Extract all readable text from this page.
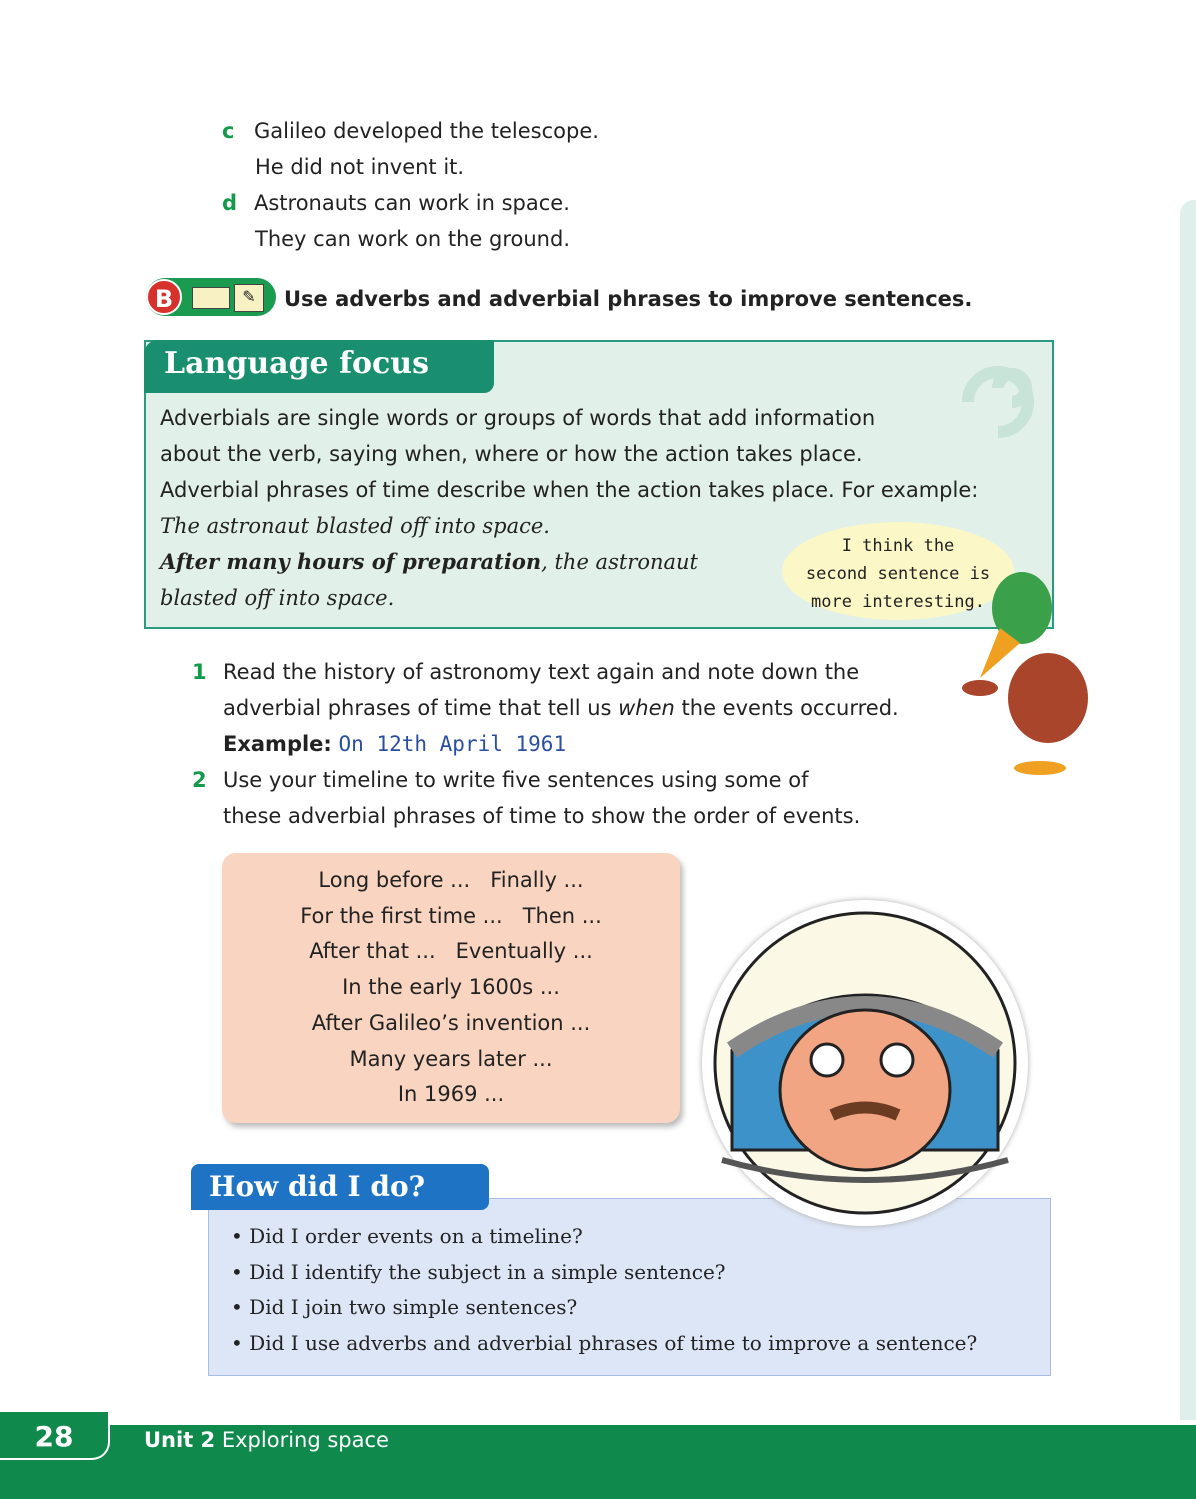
c Galileo developed the telescope.
He did not invent it.
d Astronauts can work in space.
They can work on the ground.
✎
B	Use adverbs and adverbial phrases to improve sentences.
Language focus
Adverbials are single words or groups of words that add information
about the verb, saying when, where or how the action takes place.
Adverbial phrases of time describe when the action takes place. For example:
The astronaut blasted off into space.
After many hours of preparation, the astronaut
blasted off into space.
I think the
second sentence is
more interesting.
1 Read the history of astronomy text again and note down the
adverbial phrases of time that tell us when the events occurred.
Example: On 12th April 1961
2 Use your timeline to write five sentences using some of
these adverbial phrases of time to show the order of events.
Long before ...   Finally ...
For the first time ...   Then ...
After that ...   Eventually ...
In the early 1600s ...
After Galileo’s invention ...
Many years later ...
In 1969 ...
• Did I order events on a timeline?
• Did I identify the subject in a simple sentence?
• Did I join two simple sentences?
• Did I use adverbs and adverbial phrases of time to improve a sentence?
How did I do?
28	Unit 2 Exploring space
